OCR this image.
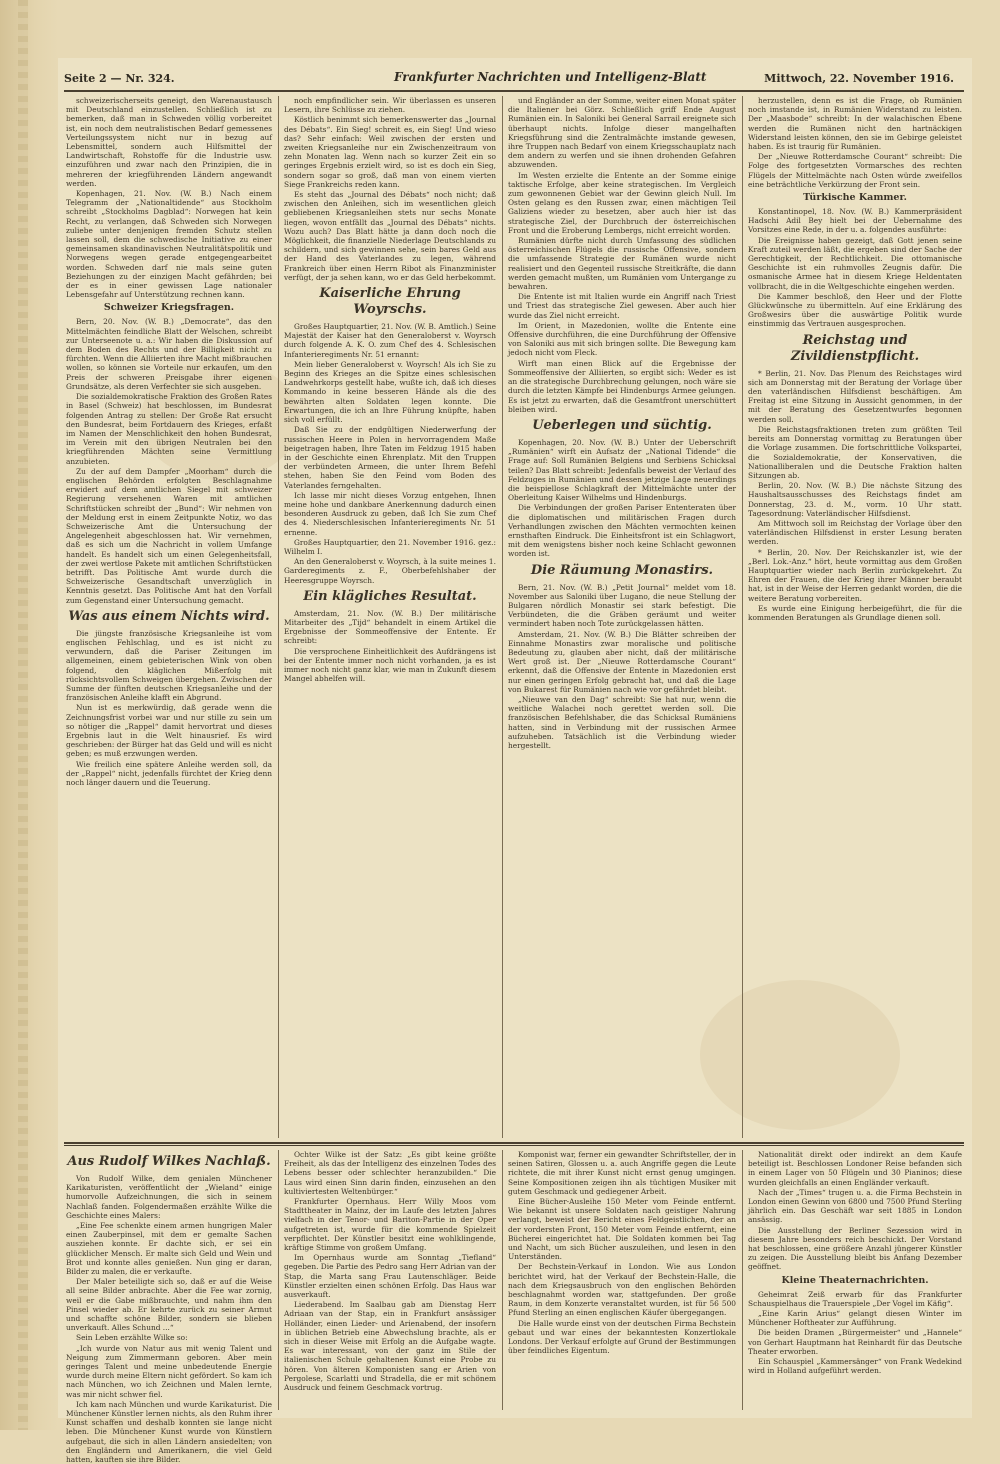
Seite 2 — Nr. 324.	Frankfurter Nachrichten und Intelligenz-Blatt	Mittwoch, 22. November 1916.

schweizerischerseits geneigt, den Warenaustausch mit Deutschland einzustellen. Schließlich ist zu bemerken, daß man in Schweden völlig vorbereitet ist, ein noch dem neutralistischen Bedarf gemessenes Verteilungssystem nicht nur in bezug auf Lebensmittel, sondern auch Hilfsmittel der Landwirtschaft, Rohstoffe für die Industrie usw. einzuführen und zwar nach den Prinzipien, die in mehreren der kriegführenden Ländern angewandt werden.

Kopenhagen, 21. Nov. (W. B.) Nach einem Telegramm der „Nationaltidende“ aus Stockholm schreibt „Stockholms Dagblad“: Norwegen hat kein Recht, zu verlangen, daß Schweden sich Norwegen zuliebe unter denjenigen fremden Schutz stellen lassen soll, dem die schwedische Initiative zu einer gemeinsamen skandinavischen Neutralitätspolitik und Norwegens wegen gerade entgegengearbeitet worden. Schweden darf nie mals seine guten Beziehungen zu der einzigen Macht gefährden; bei der es in einer gewissen Lage nationaler Lebensgefahr auf Unterstützung rechnen kann.

Schweizer Kriegsfragen.

Bern, 20. Nov. (W. B.) „Democrate“, das den Mittelmächten feindliche Blatt der Welschen, schreibt zur Unterseenote u. a.: Wir haben die Diskussion auf dem Boden des Rechts und der Billigkeit nicht zu fürchten. Wenn die Alliierten ihre Macht mißbrauchen wollen, so können sie Vorteile nur erkaufen, um den Preis der schweren Preisgabe ihrer eigenen Grundsätze, als deren Verfechter sie sich ausgeben.

Die sozialdemokratische Fraktion des Großen Rates in Basel (Schweiz) hat beschlossen, im Bundesrat folgenden Antrag zu stellen: Der Große Rat ersucht den Bundesrat, beim Fortdauern des Krieges, erfaßt im Namen der Menschlichkeit den hohen Bundesrat, im Verein mit den übrigen Neutralen bei den kriegführenden Mächten seine Vermittlung anzubieten.

Zu der auf dem Dampfer „Moorham“ durch die englischen Behörden erfolgten Beschlagnahme erwidert auf dem amtlichen Siegel mit schweizer Regierung versehenen Waren mit amtlichen Schriftstücken schreibt der „Bund“: Wir nehmen von der Meldung erst in einem Zeitpunkte Notiz, wo das Schweizerische Amt die Untersuchung der Angelegenheit abgeschlossen hat. Wir vernehmen, daß es sich um die Nachricht in vollem Umfange handelt. Es handelt sich um einen Gelegenheitsfall, der zwei wertlose Pakete mit amtlichen Schriftstücken betrifft. Das Politische Amt wurde durch die Schweizerische Gesandtschaft unverzüglich in Kenntnis gesetzt. Das Politische Amt hat den Vorfall zum Gegenstand einer Untersuchung gemacht.

Was aus einem Nichts wird.

Die jüngste französische Kriegsanleihe ist vom englischen Fehlschlag, und es ist nicht zu verwundern, daß die Pariser Zeitungen im allgemeinen, einem gebieterischen Wink von oben folgend, den kläglichen Mißerfolg mit rücksichtsvollem Schweigen übergehen. Zwischen der Summe der fünften deutschen Kriegsanleihe und der französischen Anleihe klafft ein Abgrund.

Nun ist es merkwürdig, daß gerade wenn die Zeichnungsfrist vorbei war und nur stille zu sein um so nötiger die „Rappel“ damit hervortrat und dieses Ergebnis laut in die Welt hinausrief. Es wird geschrieben: der Bürger hat das Geld und will es nicht geben; es muß erzwungen werden.

Wie freilich eine spätere Anleihe werden soll, da der „Rappel“ nicht, jedenfalls fürchtet der Krieg denn noch länger dauern und die Teuerung.

noch empfindlicher sein. Wir überlassen es unseren Lesern, ihre Schlüsse zu ziehen.

Köstlich benimmt sich bemerkenswerter das „Journal des Débats“. Ein Sieg! schreit es, ein Sieg! Und wieso das? Sehr einfach: Weil zwischen der ersten und zweiten Kriegsanleihe nur ein Zwischenzeitraum von zehn Monaten lag. Wenn nach so kurzer Zeit ein so geringes Ergebnis erzielt wird, so ist es doch ein Sieg, sondern sogar so groß, daß man von einem vierten Siege Frankreichs reden kann.

Es steht das „Journal des Débats“ noch nicht; daß zwischen den Anleihen, sich im wesentlichen gleich gebliebenen Kriegsanleihen stets nur sechs Monate liegen, wovon entfällt das „Journal des Débats“ nichts. Wozu auch? Das Blatt hätte ja dann doch noch die Möglichkeit, die finanzielle Niederlage Deutschlands zu schildern, und sich gewinnen sehe, sein bares Geld aus der Hand des Vaterlandes zu legen, während Frankreich über einen Herrn Ribot als Finanzminister verfügt, der ja sehen kann, wo er das Geld herbekommt.

Kaiserliche Ehrung Woyrschs.

Großes Hauptquartier, 21. Nov. (W. B. Amtlich.) Seine Majestät der Kaiser hat den Generaloberst v. Woyrsch durch folgende A. K. O. zum Chef des 4. Schlesischen Infanterieregiments Nr. 51 ernannt:

Mein lieber Generaloberst v. Woyrsch! Als ich Sie zu Beginn des Krieges an die Spitze eines schlesischen Landwehrkorps gestellt habe, wußte ich, daß ich dieses Kommando in keine besseren Hände als die des bewährten alten Soldaten legen konnte. Die Erwartungen, die ich an Ihre Führung knüpfte, haben sich voll erfüllt.

Daß Sie zu der endgültigen Niederwerfung der russischen Heere in Polen in hervorragendem Maße beigetragen haben, Ihre Taten im Feldzug 1915 haben in der Geschichte einen Ehrenplatz. Mit den Truppen der verbündeten Armeen, die unter Ihrem Befehl stehen, haben Sie den Feind vom Boden des Vaterlandes ferngehalten.

Ich lasse mir nicht dieses Vorzug entgehen, Ihnen meine hohe und dankbare Anerkennung dadurch einen besonderen Ausdruck zu geben, daß Ich Sie zum Chef des 4. Niederschlesischen Infanterieregiments Nr. 51 ernenne.

Großes Hauptquartier, den 21. November 1916. gez.: Wilhelm I.

An den Generaloberst v. Woyrsch, à la suite meines 1. Garderegiments z. F., Oberbefehlshaber der Heeresgruppe Woyrsch.

Ein klägliches Resultat.

Amsterdam, 21. Nov. (W. B.) Der militärische Mitarbeiter des „Tijd“ behandelt in einem Artikel die Ergebnisse der Sommeoffensive der Entente. Er schreibt:

Die versprochene Einheitlichkeit des Aufdrängens ist bei der Entente immer noch nicht vorhanden, ja es ist immer noch nicht ganz klar, wie man in Zukunft diesem Mangel abhelfen will.

und Engländer an der Somme, weiter einen Monat später die Italiener bei Görz. Schließlich griff Ende August Rumänien ein. In Saloniki bei General Sarrail ereignete sich überhaupt nichts. Infolge dieser mangelhaften Kriegsführung sind die Zentralmächte imstande gewesen, ihre Truppen nach Bedarf von einem Kriegsschauplatz nach dem andern zu werfen und sie ihnen drohenden Gefahren abzuwenden.

Im Westen erzielte die Entente an der Somme einige taktische Erfolge, aber keine strategischen. Im Vergleich zum gewonnenen Gebiet war der Gewinn gleich Null. Im Osten gelang es den Russen zwar, einen mächtigen Teil Galiziens wieder zu besetzen, aber auch hier ist das strategische Ziel, der Durchbruch der österreichischen Front und die Eroberung Lembergs, nicht erreicht worden.

Rumänien dürfte nicht durch Umfassung des südlichen österreichischen Flügels die russische Offensive, sondern die umfassende Strategie der Rumänen wurde nicht realisiert und den Gegenteil russische Streitkräfte, die dann werden gemacht mußten, um Rumänien vom Untergange zu bewahren.

Die Entente ist mit Italien wurde ein Angriff nach Triest und Triest das strategische Ziel gewesen. Aber auch hier wurde das Ziel nicht erreicht.

Im Orient, in Mazedonien, wollte die Entente eine Offensive durchführen, die eine Durchführung der Offensive von Saloniki aus mit sich bringen sollte. Die Bewegung kam jedoch nicht vom Fleck.

Wirft man einen Blick auf die Ergebnisse der Sommeoffensive der Alliierten, so ergibt sich: Weder es ist an die strategische Durchbrechung gelungen, noch wäre sie durch die letzten Kämpfe bei Hindenburgs Armee gelungen. Es ist jetzt zu erwarten, daß die Gesamtfront unerschüttert bleiben wird.

Ueberlegen und süchtig.

Kopenhagen, 20. Nov. (W. B.) Unter der Ueberschrift „Rumänien“ wirft ein Aufsatz der „National Tidende“ die Frage auf: Soll Rumänien Belgiens und Serbiens Schicksal teilen? Das Blatt schreibt: Jedenfalls beweist der Verlauf des Feldzuges in Rumänien und dessen jetzige Lage neuerdings die beispiellose Schlagkraft der Mittelmächte unter der Oberleitung Kaiser Wilhelms und Hindenburgs.

Die Verbindungen der großen Pariser Ententeraten über die diplomatischen und militärischen Fragen durch Verhandlungen zwischen den Mächten vermochten keinen ernsthaften Eindruck. Die Einheitsfront ist ein Schlagwort, mit dem wenigstens bisher noch keine Schlacht gewonnen worden ist.

Die Räumung Monastirs.

Bern, 21. Nov. (W. B.) „Petit Journal“ meldet vom 18. November aus Saloniki über Lugano, die neue Stellung der Bulgaren nördlich Monastir sei stark befestigt. Die Verbündeten, die die Gräben geräumt und weiter vermindert haben noch Tote zurückgelassen hätten.

Amsterdam, 21. Nov. (W. B.) Die Blätter schreiben der Einnahme Monastirs zwar moralische und politische Bedeutung zu, glauben aber nicht, daß der militärische Wert groß ist. Der „Nieuwe Rotterdamsche Courant“ erkennt, daß die Offensive der Entente in Mazedonien erst nur einen geringen Erfolg gebracht hat, und daß die Lage von Bukarest für Rumänien nach wie vor gefährdet bleibt.

„Nieuwe van den Dag“ schreibt: Sie hat nur, wenn die weitliche Walachei noch gerettet werden soll. Die französischen Befehlshaber, die das Schicksal Rumäniens hatten, sind in Verbindung mit der russischen Armee aufzuheben. Tatsächlich ist die Verbindung wieder hergestellt.

herzustellen, denn es ist die Frage, ob Rumänien noch imstande ist, in Rumänien Widerstand zu leisten. Der „Maasbode“ schreibt: In der walachischen Ebene werden die Rumänen nicht den hartnäckigen Widerstand leisten können, den sie im Gebirge geleistet haben. Es ist traurig für Rumänien.

Der „Nieuwe Rotterdamsche Courant“ schreibt: Die Folge des fortgesetzten Vormarsches des rechten Flügels der Mittelmächte nach Osten würde zweifellos eine beträchtliche Verkürzung der Front sein.

Türkische Kammer.

Konstantinopel, 18. Nov. (W. B.) Kammerpräsident Hadschi Adil Bey hielt bei der Uebernahme des Vorsitzes eine Rede, in der u. a. folgendes ausführte:

Die Ereignisse haben gezeigt, daß Gott jenen seine Kraft zuteil werden läßt, die ergeben sind der Sache der Gerechtigkeit, der Rechtlichkeit. Die ottomanische Geschichte ist ein ruhmvolles Zeugnis dafür. Die osmanische Armee hat in diesem Kriege Heldentaten vollbracht, die in die Weltgeschichte eingehen werden.

Die Kammer beschloß, den Heer und der Flotte Glückwünsche zu übermitteln. Auf eine Erklärung des Großwesirs über die auswärtige Politik wurde einstimmig das Vertrauen ausgesprochen.

Reichstag und Zivildienstpflicht.

* Berlin, 21. Nov. Das Plenum des Reichstages wird sich am Donnerstag mit der Beratung der Vorlage über den vaterländischen Hilfsdienst beschäftigen. Am Freitag ist eine Sitzung in Aussicht genommen, in der mit der Beratung des Gesetzentwurfes begonnen werden soll.

Die Reichstagsfraktionen treten zum größten Teil bereits am Donnerstag vormittag zu Beratungen über die Vorlage zusammen. Die fortschrittliche Volkspartei, die Sozialdemokratie, der Konservativen, die Nationalliberalen und die Deutsche Fraktion halten Sitzungen ab.

Berlin, 20. Nov. (W. B.) Die nächste Sitzung des Haushaltsausschusses des Reichstags findet am Donnerstag, 23. d. M., vorm. 10 Uhr statt. Tagesordnung: Vaterländischer Hilfsdienst.

Am Mittwoch soll im Reichstag der Vorlage über den vaterländischen Hilfsdienst in erster Lesung beraten werden.

* Berlin, 20. Nov. Der Reichskanzler ist, wie der „Berl. Lok.-Anz.“ hört, heute vormittag aus dem Großen Hauptquartier wieder nach Berlin zurückgekehrt. Zu Ehren der Frauen, die der Krieg ihrer Männer beraubt hat, ist in der Weise der Herren gedankt worden, die die weitere Beratung vorbereiten.

Es wurde eine Einigung herbeigeführt, die für die kommenden Beratungen als Grundlage dienen soll.

Aus Rudolf Wilkes Nachlaß.

Von Rudolf Wilke, dem genialen Münchener Karikaturisten, veröffentlicht der „Wieland“ einige humorvolle Aufzeichnungen, die sich in seinem Nachlaß fanden. Folgendermaßen erzählte Wilke die Geschichte eines Malers:

„Eine Fee schenkte einem armen hungrigen Maler einen Zauberpinsel, mit dem er gemalte Sachen ausziehen konnte. Er dachte sich, er sei ein glücklicher Mensch. Er malte sich Geld und Wein und Brot und konnte alles genießen. Nun ging er daran, Bilder zu malen, die er verkaufte.

Der Maler beteiligte sich so, daß er auf die Weise all seine Bilder anbrachte. Aber die Fee war zornig, weil er die Gabe mißbrauchte, und nahm ihm den Pinsel wieder ab. Er kehrte zurück zu seiner Armut und schaffte schöne Bilder, sondern sie blieben unverkauft. Alles Schund ...“

Sein Leben erzählte Wilke so:

„Ich wurde von Natur aus mit wenig Talent und Neigung zum Zimmermann geboren. Aber mein geringes Talent und meine unbedeutende Energie wurde durch meine Eltern nicht gefördert. So kam ich nach München, wo ich Zeichnen und Malen lernte, was mir nicht schwer fiel.

Ich kam nach München und wurde Karikaturist. Die Münchener Künstler lernen nichts, als den Ruhm ihrer Kunst schaffen und deshalb konnten sie lange nicht leben. Die Münchener Kunst wurde von Künstlern aufgebaut, die sich in allen Ländern ansiedelten; von den Engländern und Amerikanern, die viel Geld hatten, kauften sie ihre Bilder.

Ochter Wilke ist der Satz: „Es gibt keine größte Freiheit, als das der Intelligenz des einzelnen Todes des Lebens besser oder schlechter heranzubilden.“ Die Laus wird einen Sinn darin finden, einzusehen an den kultiviertesten Weltenbürger.“

Frankfurter Opernhaus. Herr Willy Moos vom Stadttheater in Mainz, der im Laufe des letzten Jahres vielfach in der Tenor- und Bariton-Partie in der Oper aufgetreten ist, wurde für die kommende Spielzeit verpflichtet. Der Künstler besitzt eine wohlklingende, kräftige Stimme von großem Umfang.

Im Opernhaus wurde am Sonntag „Tiefland“ gegeben. Die Partie des Pedro sang Herr Adrian van der Stap, die Marta sang Frau Lautenschläger. Beide Künstler erzielten einen schönen Erfolg. Das Haus war ausverkauft.

Liederabend. Im Saalbau gab am Dienstag Herr Adriaan van der Stap, ein in Frankfurt ansässiger Holländer, einen Lieder- und Arienabend, der insofern in üblichen Betrieb eine Abwechslung brachte, als er sich in dieser Weise mit Erfolg an die Aufgabe wagte. Es war interessant, von der ganz im Stile der italienischen Schule gehaltenen Kunst eine Probe zu hören. Von älteren Komponisten sang er Arien von Pergolese, Scarlatti und Stradella, die er mit schönem Ausdruck und feinem Geschmack vortrug.

Komponist war, ferner ein gewandter Schriftsteller, der in seinen Satiren, Glossen u. a. auch Angriffe gegen die Leute richtete, die mit ihrer Kunst nicht ernst genug umgingen. Seine Kompositionen zeigen ihn als tüchtigen Musiker mit gutem Geschmack und gediegener Arbeit.

Eine Bücher-Ausleihe 150 Meter vom Feinde entfernt. Wie bekannt ist unsere Soldaten nach geistiger Nahrung verlangt, beweist der Bericht eines Feldgeistlichen, der an der vordersten Front, 150 Meter vom Feinde entfernt, eine Bücherei eingerichtet hat. Die Soldaten kommen bei Tag und Nacht, um sich Bücher auszuleihen, und lesen in den Unterständen.

Der Bechstein-Verkauf in London. Wie aus London berichtet wird, hat der Verkauf der Bechstein-Halle, die nach dem Kriegsausbruch von den englischen Behörden beschlagnahmt worden war, stattgefunden. Der große Raum, in dem Konzerte veranstaltet wurden, ist für 56 500 Pfund Sterling an einen englischen Käufer übergegangen.

Die Halle wurde einst von der deutschen Firma Bechstein gebaut und war eines der bekanntesten Konzertlokale Londons. Der Verkauf erfolgte auf Grund der Bestimmungen über feindliches Eigentum.

Nationalität direkt oder indirekt an dem Kaufe beteiligt ist. Beschlossen Londoner Reise befanden sich in einem Lager von 50 Flügeln und 30 Pianinos; diese wurden gleichfalls an einen Engländer verkauft.

Nach der „Times“ trugen u. a. die Firma Bechstein in London einen Gewinn von 6800 und 7500 Pfund Sterling jährlich ein. Das Geschäft war seit 1885 in London ansässig.

Die Ausstellung der Berliner Sezession wird in diesem Jahre besonders reich beschickt. Der Vorstand hat beschlossen, eine größere Anzahl jüngerer Künstler zu zeigen. Die Ausstellung bleibt bis Anfang Dezember geöffnet.

Kleine Theaternachrichten.

Geheimrat Zeiß erwarb für das Frankfurter Schauspielhaus die Trauerspiele „Der Vogel im Käfig“.

„Eine Karin Arius“ gelangt diesen Winter im Münchener Hoftheater zur Aufführung.

Die beiden Dramen „Bürgermeister“ und „Hannele“ von Gerhart Hauptmann hat Reinhardt für das Deutsche Theater erworben.

Ein Schauspiel „Kammersänger“ von Frank Wedekind wird in Holland aufgeführt werden.
